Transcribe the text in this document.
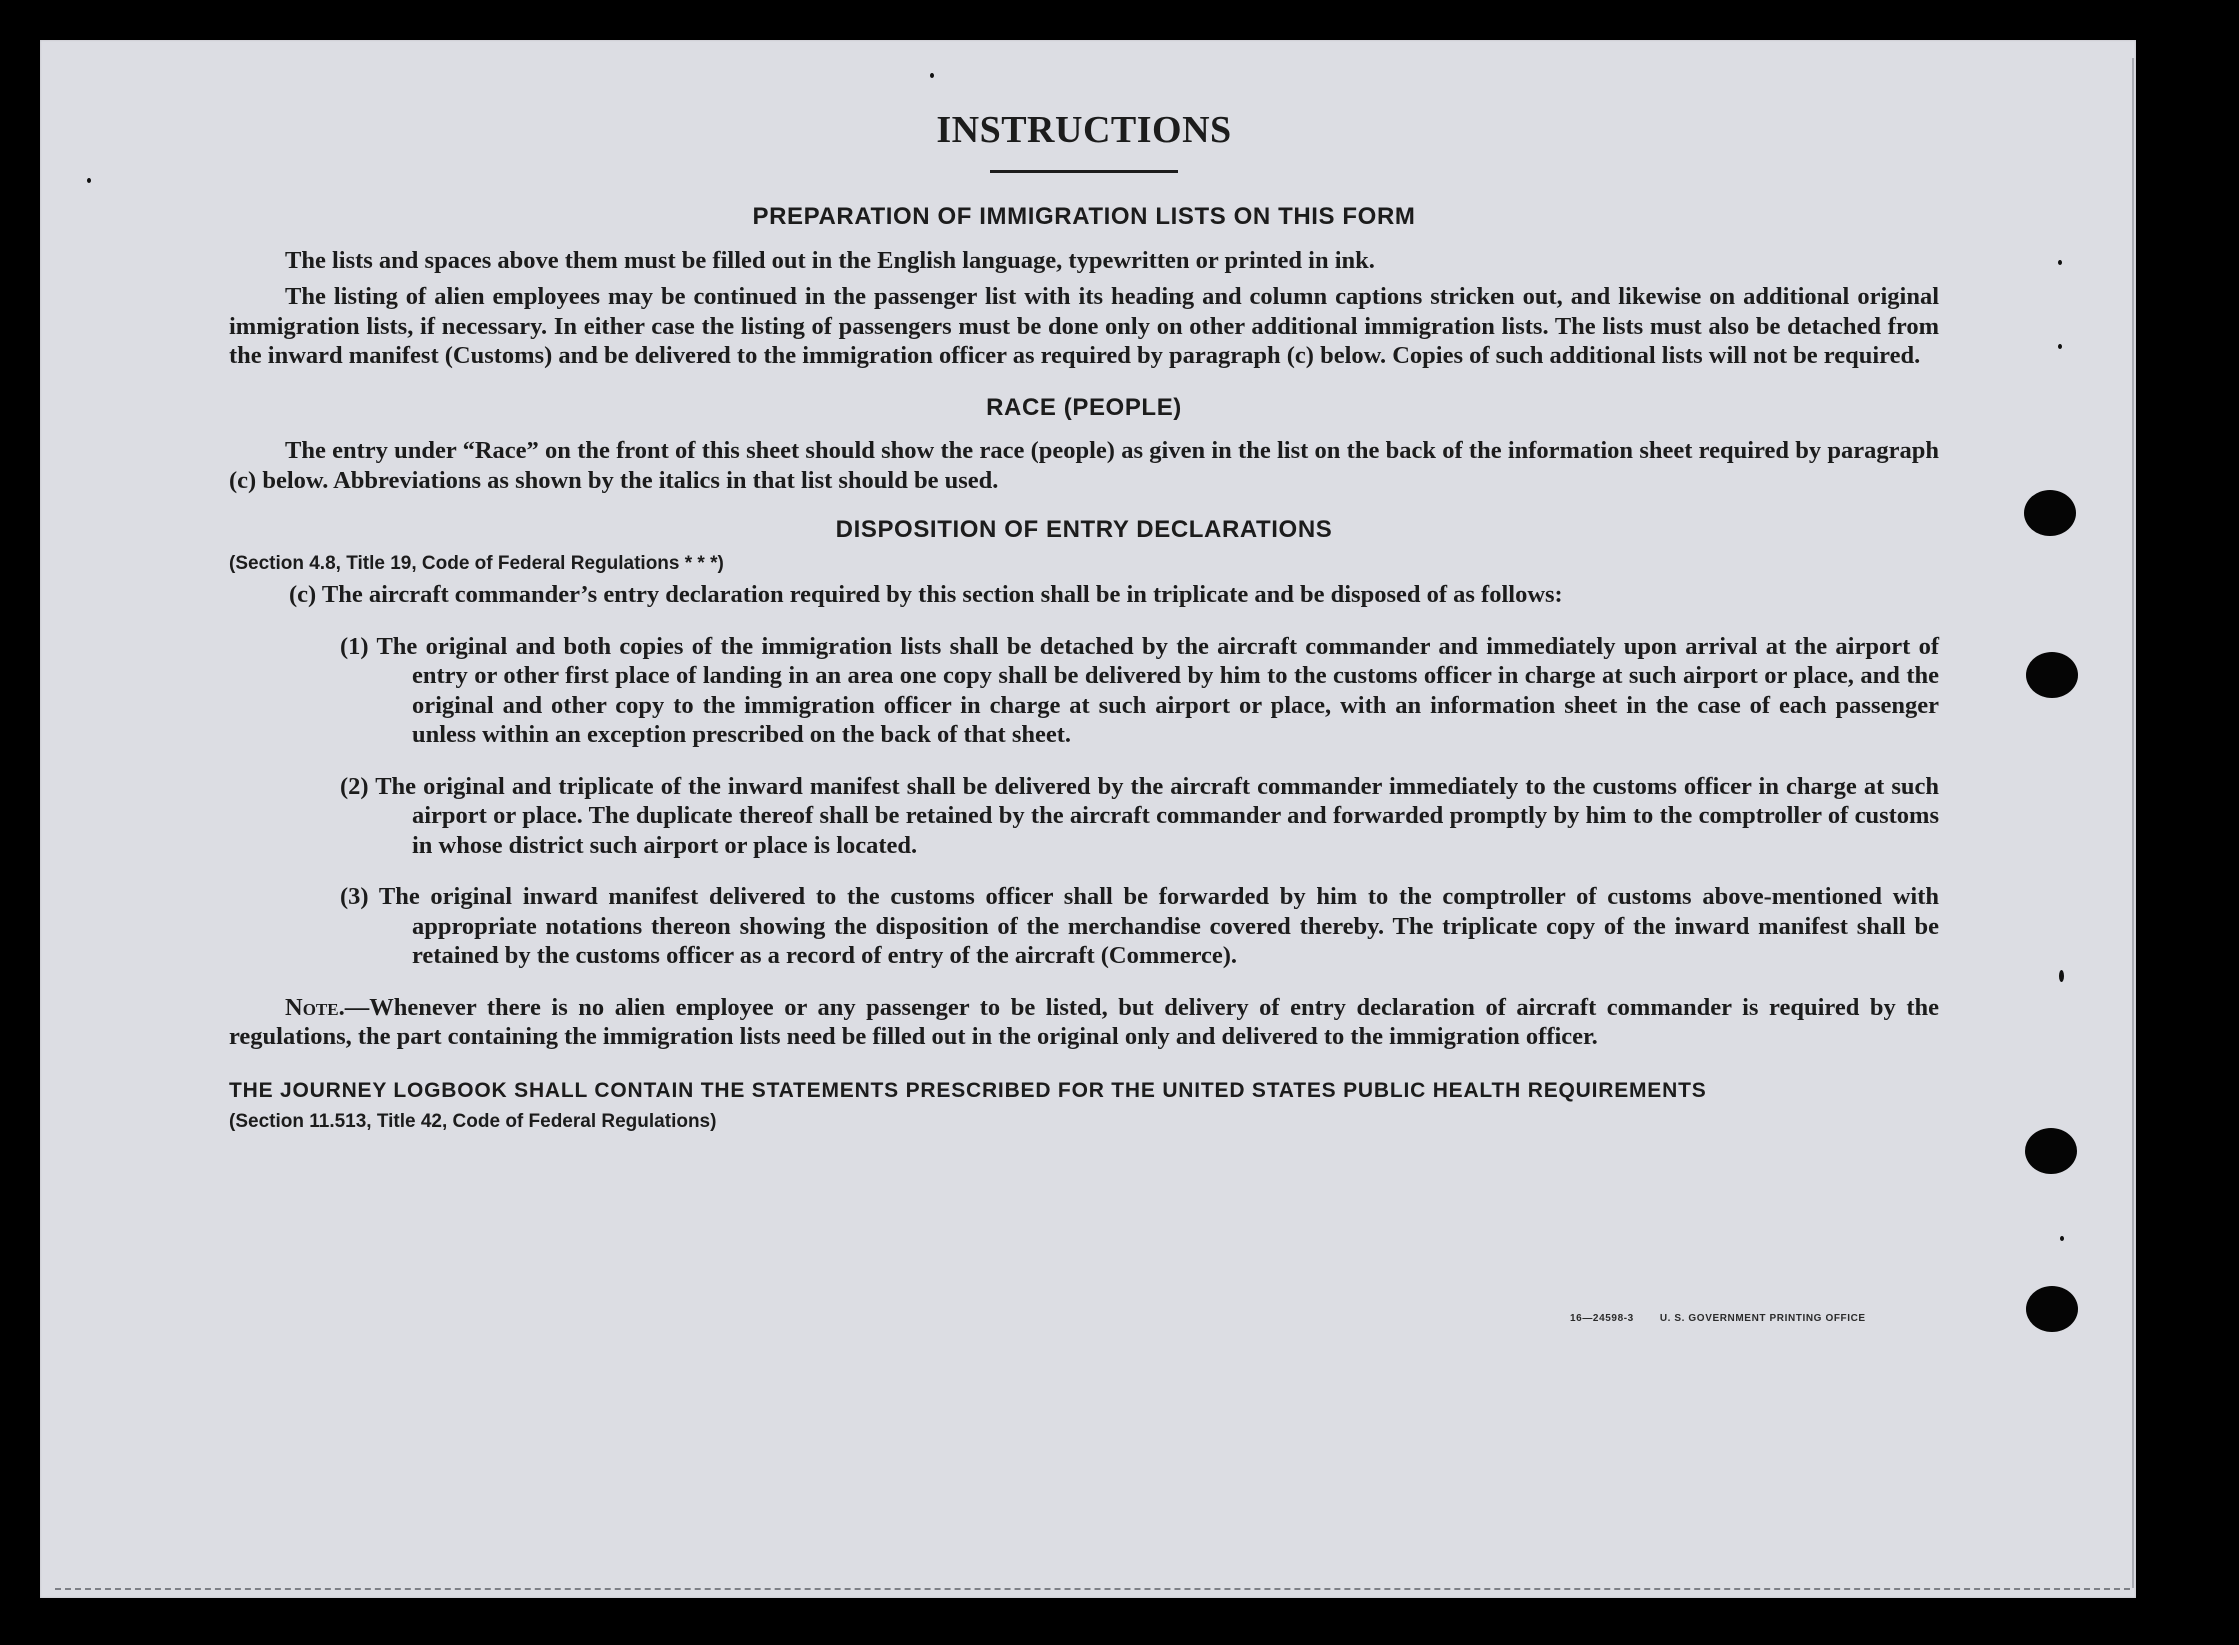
INSTRUCTIONS
PREPARATION OF IMMIGRATION LISTS ON THIS FORM

The lists and spaces above them must be filled out in the English language, typewritten or printed in ink.

The listing of alien employees may be continued in the passenger list with its heading and column captions stricken out, and likewise on additional original immigration lists, if necessary. In either case the listing of passengers must be done only on other additional immigration lists. The lists must also be detached from the inward manifest (Customs) and be delivered to the immigration officer as required by paragraph (c) below. Copies of such additional lists will not be required.

RACE (PEOPLE)

The entry under “Race” on the front of this sheet should show the race (people) as given in the list on the back of the information sheet required by paragraph (c) below. Abbreviations as shown by the italics in that list should be used.

DISPOSITION OF ENTRY DECLARATIONS

(Section 4.8, Title 19, Code of Federal Regulations * * *)

(c) The aircraft commander’s entry declaration required by this section shall be in triplicate and be disposed of as follows:

(1) The original and both copies of the immigration lists shall be detached by the aircraft commander and immediately upon arrival at the airport of entry or other first place of landing in an area one copy shall be delivered by him to the customs officer in charge at such airport or place, and the original and other copy to the immigration officer in charge at such airport or place, with an information sheet in the case of each passenger unless within an exception prescribed on the back of that sheet.

(2) The original and triplicate of the inward manifest shall be delivered by the aircraft commander immediately to the customs officer in charge at such airport or place. The duplicate thereof shall be retained by the aircraft commander and forwarded promptly by him to the comptroller of customs in whose district such airport or place is located.

(3) The original inward manifest delivered to the customs officer shall be forwarded by him to the comptroller of customs above-mentioned with appropriate notations thereon showing the disposition of the merchandise covered thereby. The triplicate copy of the inward manifest shall be retained by the customs officer as a record of entry of the aircraft (Commerce).

Note.—Whenever there is no alien employee or any passenger to be listed, but delivery of entry declaration of aircraft commander is required by the regulations, the part containing the immigration lists need be filled out in the original only and delivered to the immigration officer.

THE JOURNEY LOGBOOK SHALL CONTAIN THE STATEMENTS PRESCRIBED FOR THE UNITED STATES PUBLIC HEALTH REQUIREMENTS

(Section 11.513, Title 42, Code of Federal Regulations)

16—24598-3	U. S. GOVERNMENT PRINTING OFFICE
